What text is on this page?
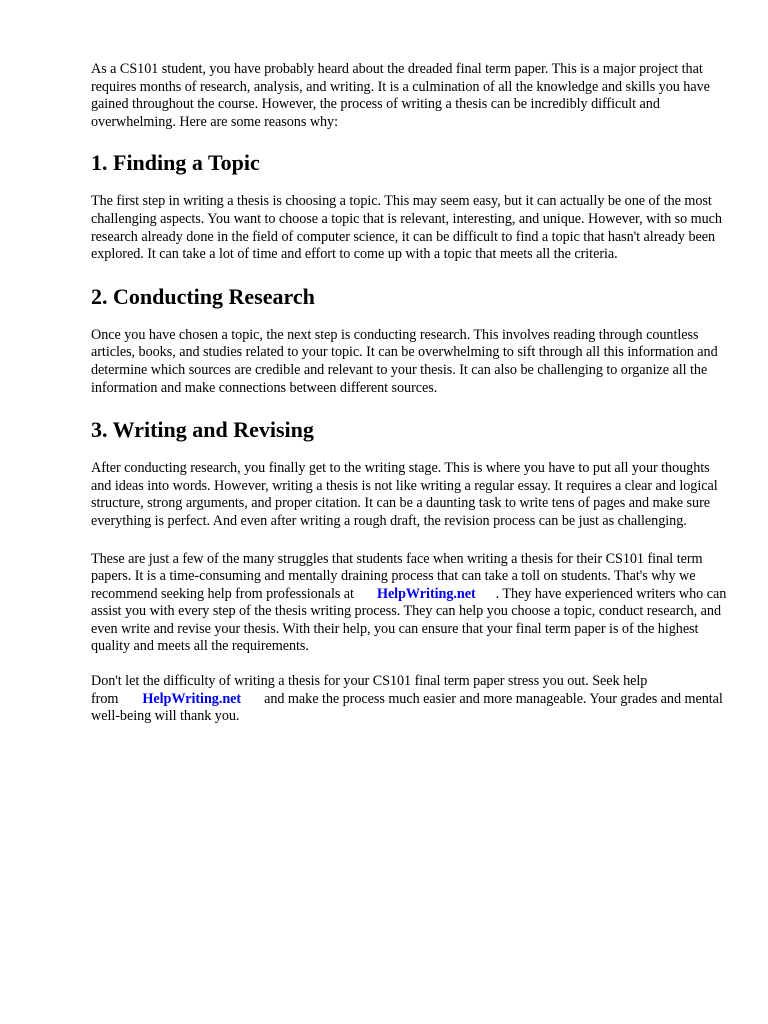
As a CS101 student, you have probably heard about the dreaded final term paper. This is a major project that requires months of research, analysis, and writing. It is a culmination of all the knowledge and skills you have gained throughout the course. However, the process of writing a thesis can be incredibly difficult and overwhelming. Here are some reasons why:

1. Finding a Topic

The first step in writing a thesis is choosing a topic. This may seem easy, but it can actually be one of the most challenging aspects. You want to choose a topic that is relevant, interesting, and unique. However, with so much research already done in the field of computer science, it can be difficult to find a topic that hasn't already been explored. It can take a lot of time and effort to come up with a topic that meets all the criteria.

2. Conducting Research

Once you have chosen a topic, the next step is conducting research. This involves reading through countless articles, books, and studies related to your topic. It can be overwhelming to sift through all this information and determine which sources are credible and relevant to your thesis. It can also be challenging to organize all the information and make connections between different sources.

3. Writing and Revising

After conducting research, you finally get to the writing stage. This is where you have to put all your thoughts and ideas into words. However, writing a thesis is not like writing a regular essay. It requires a clear and logical structure, strong arguments, and proper citation. It can be a daunting task to write tens of pages and make sure everything is perfect. And even after writing a rough draft, the revision process can be just as challenging.

These are just a few of the many struggles that students face when writing a thesis for their CS101 final term papers. It is a time-consuming and mentally draining process that can take a toll on students. That's why we recommend seeking help from professionals at HelpWriting.net . They have experienced writers who can assist you with every step of the thesis writing process. They can help you choose a topic, conduct research, and even write and revise your thesis. With their help, you can ensure that your final term paper is of the highest quality and meets all the requirements.

Don't let the difficulty of writing a thesis for your CS101 final term paper stress you out. Seek help from HelpWriting.net and make the process much easier and more manageable. Your grades and mental well-being will thank you.
